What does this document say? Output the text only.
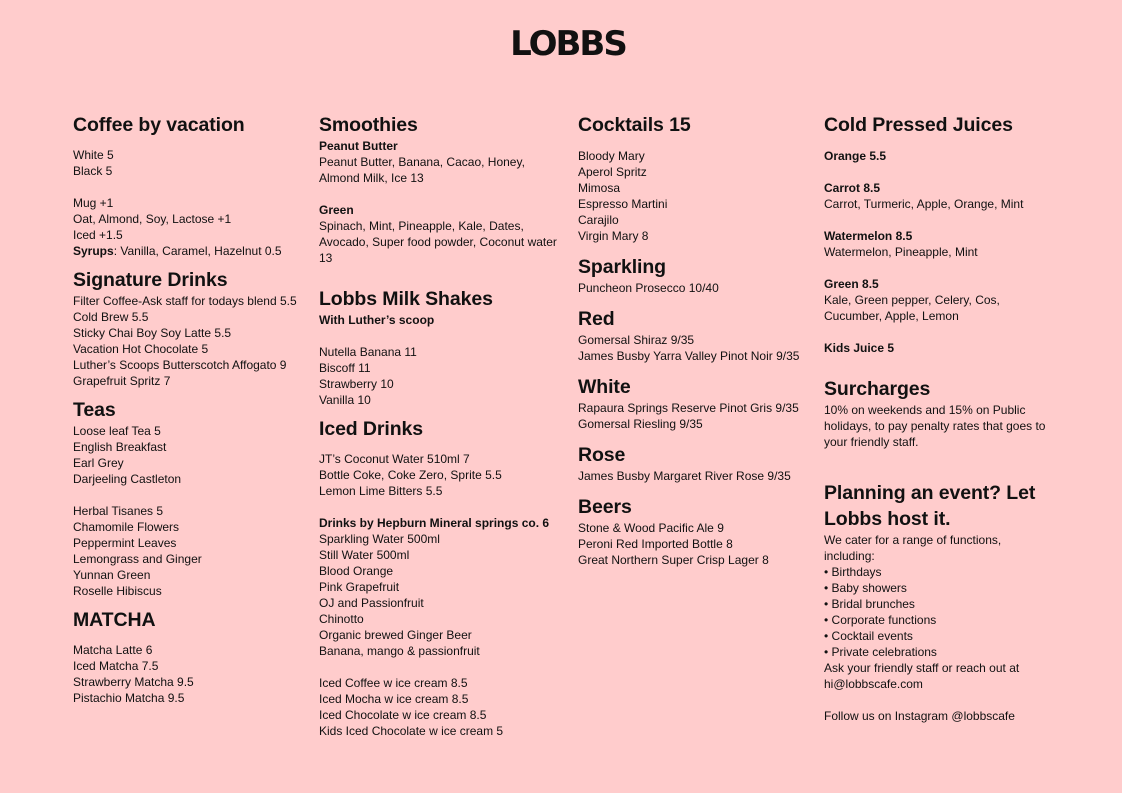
LOBBS
Coffee by vacation
White 5
Black 5
Mug +1
Oat, Almond, Soy, Lactose +1
Iced +1.5
Syrups: Vanilla, Caramel, Hazelnut 0.5
Signature Drinks
Filter Coffee-Ask staff for todays blend 5.5
Cold Brew 5.5
Sticky Chai Boy Soy Latte 5.5
Vacation Hot Chocolate 5
Luther’s Scoops Butterscotch Affogato 9
Grapefruit Spritz 7
Teas
Loose leaf Tea 5
English Breakfast
Earl Grey
Darjeeling Castleton
Herbal Tisanes 5
Chamomile Flowers
Peppermint Leaves
Lemongrass and Ginger
Yunnan Green
Roselle Hibiscus
MATCHA
Matcha Latte 6
Iced Matcha 7.5
Strawberry Matcha 9.5
Pistachio Matcha 9.5
Smoothies
Peanut Butter
Peanut Butter, Banana, Cacao, Honey, Almond Milk, Ice 13
Green
Spinach, Mint, Pineapple, Kale, Dates, Avocado, Super food powder, Coconut water 13
Lobbs Milk Shakes
With Luther’s scoop
Nutella Banana 11
Biscoff 11
Strawberry 10
Vanilla 10
Iced Drinks
JT’s Coconut Water 510ml 7
Bottle Coke, Coke Zero, Sprite 5.5
Lemon Lime Bitters 5.5
Drinks by Hepburn Mineral springs co. 6
Sparkling Water 500ml
Still Water 500ml
Blood Orange
Pink Grapefruit
OJ and Passionfruit
Chinotto
Organic brewed Ginger Beer
Banana, mango & passionfruit
Iced Coffee w ice cream 8.5
Iced Mocha w ice cream 8.5
Iced Chocolate w ice cream 8.5
Kids Iced Chocolate w ice cream 5
Cocktails 15
Bloody Mary
Aperol Spritz
Mimosa
Espresso Martini
Carajilo
Virgin Mary 8
Sparkling
Puncheon Prosecco 10/40
Red
Gomersal Shiraz 9/35
James Busby Yarra Valley Pinot Noir 9/35
White
Rapaura Springs Reserve Pinot Gris 9/35
Gomersal Riesling 9/35
Rose
James Busby Margaret River Rose 9/35
Beers
Stone & Wood Pacific Ale 9
Peroni Red Imported Bottle 8
Great Northern Super Crisp Lager 8
Cold Pressed Juices
Orange 5.5
Carrot 8.5
Carrot, Turmeric, Apple, Orange, Mint
Watermelon 8.5
Watermelon, Pineapple, Mint
Green 8.5
Kale, Green pepper, Celery, Cos, Cucumber, Apple, Lemon
Kids Juice 5
Surcharges
10% on weekends and 15% on Public holidays, to pay penalty rates that goes to your friendly staff.
Planning an event? Let Lobbs host it.
We cater for a range of functions, including:
• Birthdays
• Baby showers
• Bridal brunches
• Corporate functions
• Cocktail events
• Private celebrations
Ask your friendly staff or reach out at hi@lobbscafe.com
Follow us on Instagram @lobbscafe
